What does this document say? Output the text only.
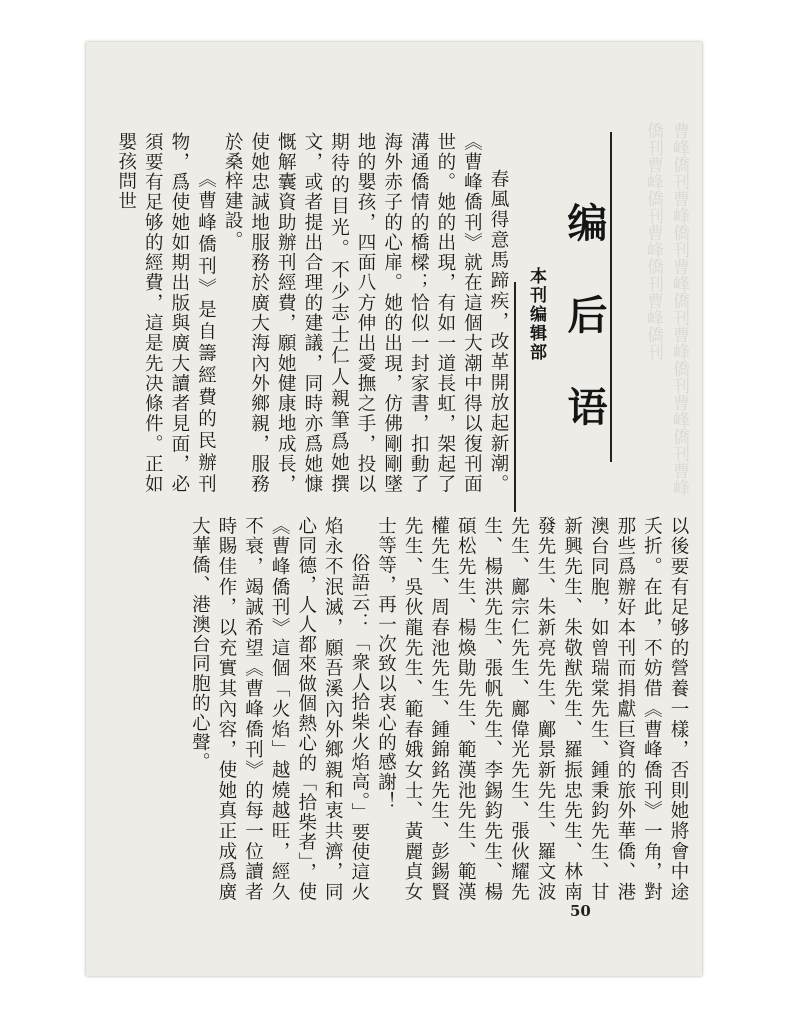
曹峰僑刊曹峰僑刊曹峰僑刊曹峰僑刊曹峰僑刊曹峰僑刊曹峰僑刊曹峰僑刊曹峰僑刊
编后语
本刊编辑部

春風得意馬蹄疾，改革開放起新潮。《曹峰僑刊》就在這個大潮中得以復刊面世的。她的出現，有如一道長虹，架起了溝通僑情的橋樑；恰似一封家書，扣動了海外赤子的心扉。她的出現，仿佛剛剛墜地的嬰孩，四面八方伸出愛撫之手，投以期待的目光。不少志士仁人親筆爲她撰文，或者提出合理的建議，同時亦爲她慷慨解囊資助辦刊經費，願她健康地成長，使她忠誠地服務於廣大海內外鄉親，服務於桑梓建設。

《曹峰僑刊》是自籌經費的民辦刊物，爲使她如期出版與廣大讀者見面，必須要有足够的經費，這是先决條件。正如嬰孩問世

以後要有足够的營養一樣，否則她將會中途夭折。在此，不妨借《曹峰僑刊》一角，對那些爲辦好本刊而捐獻巨資的旅外華僑、港澳台同胞，如曾瑞棠先生、鍾秉鈞先生、甘新興先生、朱敬猷先生、羅振忠先生、林南發先生、朱新亮先生、鄺景新先生、羅文波先生、鄺宗仁先生、鄺偉光先生、張伙耀先生、楊洪先生、張帆先生、李錫鈞先生、楊碩松先生、楊煥勛先生、範漢池先生、範漢權先生、周春池先生、鍾錦銘先生、彭錫賢先生、吳伙龍先生、範春娥女士、黃麗貞女士等等，再一次致以衷心的感謝！

俗語云：「衆人拾柴火焰高。」要使這火焰永不泯滅，願吾溪內外鄉親和衷共濟，同心同德，人人都來做個熱心的「拾柴者」，使《曹峰僑刊》這個「火焰」越燒越旺，經久不衰，竭誠希望《曹峰僑刊》的每一位讀者時賜佳作，以充實其內容，使她真正成爲廣大華僑、港澳台同胞的心聲。

50
